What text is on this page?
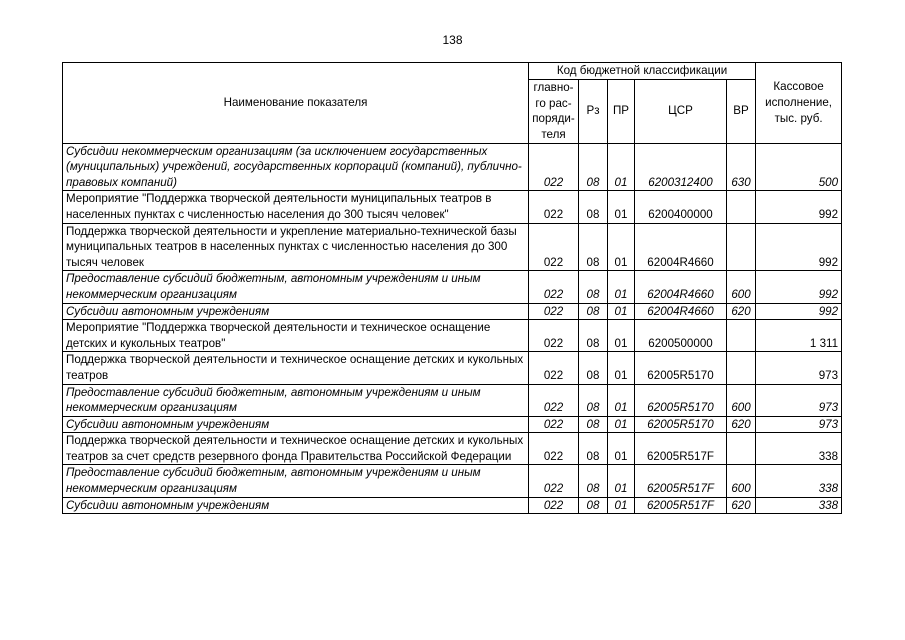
138
Наименование показателя	Код бюджетной классификации					Кассовое исполнение, тыс. руб.
	главно-го рас-поряди-теля	Рз	ПР	ЦСР	ВР	
Субсидии некоммерческим организациям (за исключением государственных (муниципальных) учреждений, государственных корпораций (компаний), публично-правовых компаний)	022	08	01	6200312400	630	500
Мероприятие "Поддержка творческой деятельности муниципальных театров в населенных пунктах с численностью населения до 300 тысяч человек"	022	08	01	6200400000		992
Поддержка творческой деятельности и укрепление материально-технической базы муниципальных театров в населенных пунктах с численностью населения до 300 тысяч человек	022	08	01	62004R4660		992
Предоставление субсидий бюджетным, автономным учреждениям и иным некоммерческим организациям	022	08	01	62004R4660	600	992
Субсидии автономным учреждениям	022	08	01	62004R4660	620	992
Мероприятие "Поддержка творческой деятельности и техническое оснащение детских и кукольных театров"	022	08	01	6200500000		1 311
Поддержка творческой деятельности и техническое оснащение детских и кукольных театров	022	08	01	62005R5170		973
Предоставление субсидий бюджетным, автономным учреждениям и иным некоммерческим организациям	022	08	01	62005R5170	600	973
Субсидии автономным учреждениям	022	08	01	62005R5170	620	973
Поддержка творческой деятельности и техническое оснащение детских и кукольных театров за счет средств резервного фонда Правительства Российской Федерации	022	08	01	62005R517F		338
Предоставление субсидий бюджетным, автономным учреждениям и иным некоммерческим организациям	022	08	01	62005R517F	600	338
Субсидии автономным учреждениям	022	08	01	62005R517F	620	338
